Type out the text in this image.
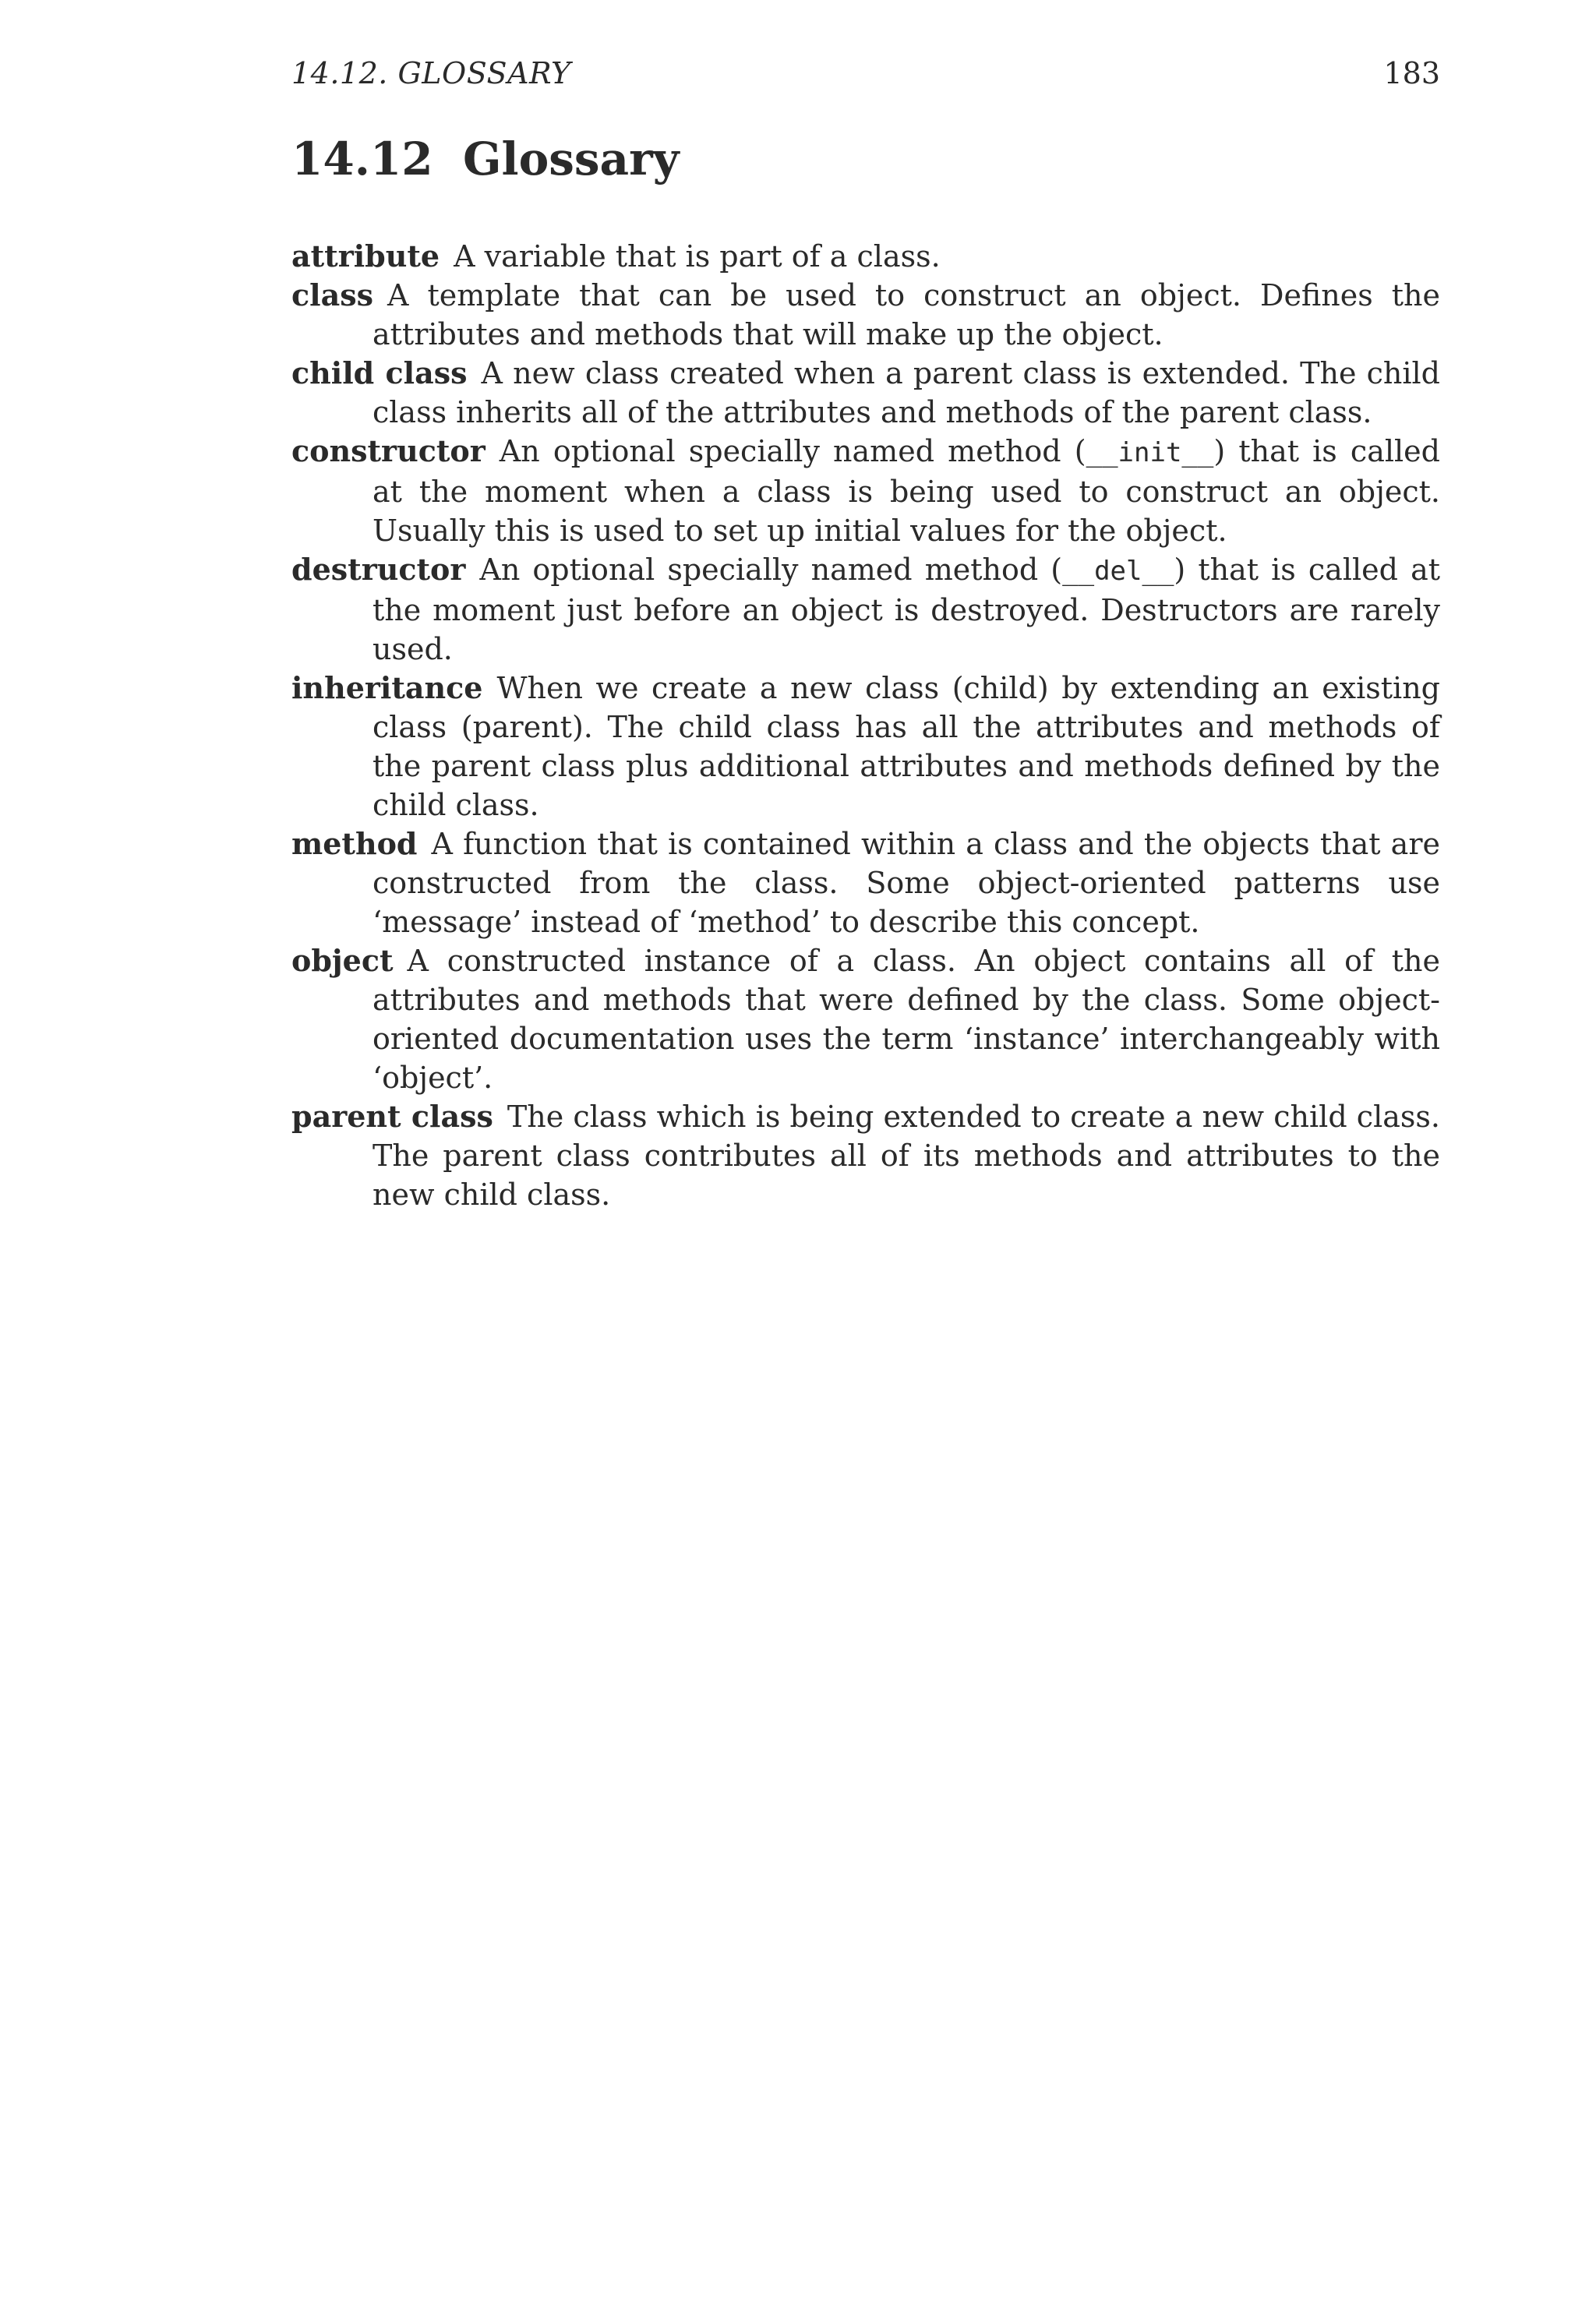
14.12. GLOSSARY	183
14.12 Glossary

attribute A variable that is part of a class.

class A template that can be used to construct an object. Defines the attributes and methods that will make up the object.

child class A new class created when a parent class is extended. The child class inherits all of the attributes and methods of the parent class.

constructor An optional specially named method (__init__) that is called at the moment when a class is being used to construct an object. Usually this is used to set up initial values for the object.

destructor An optional specially named method (__del__) that is called at the moment just before an object is destroyed. Destructors are rarely used.

inheritance When we create a new class (child) by extending an existing class (parent). The child class has all the attributes and methods of the parent class plus additional attributes and methods defined by the child class.

method A function that is contained within a class and the objects that are constructed from the class. Some object-oriented patterns use ‘message’ instead of ‘method’ to describe this concept.

object A constructed instance of a class. An object contains all of the attributes and methods that were defined by the class. Some object-oriented documentation uses the term ‘instance’ interchangeably with ‘object’.

parent class The class which is being extended to create a new child class. The parent class contributes all of its methods and attributes to the new child class.
